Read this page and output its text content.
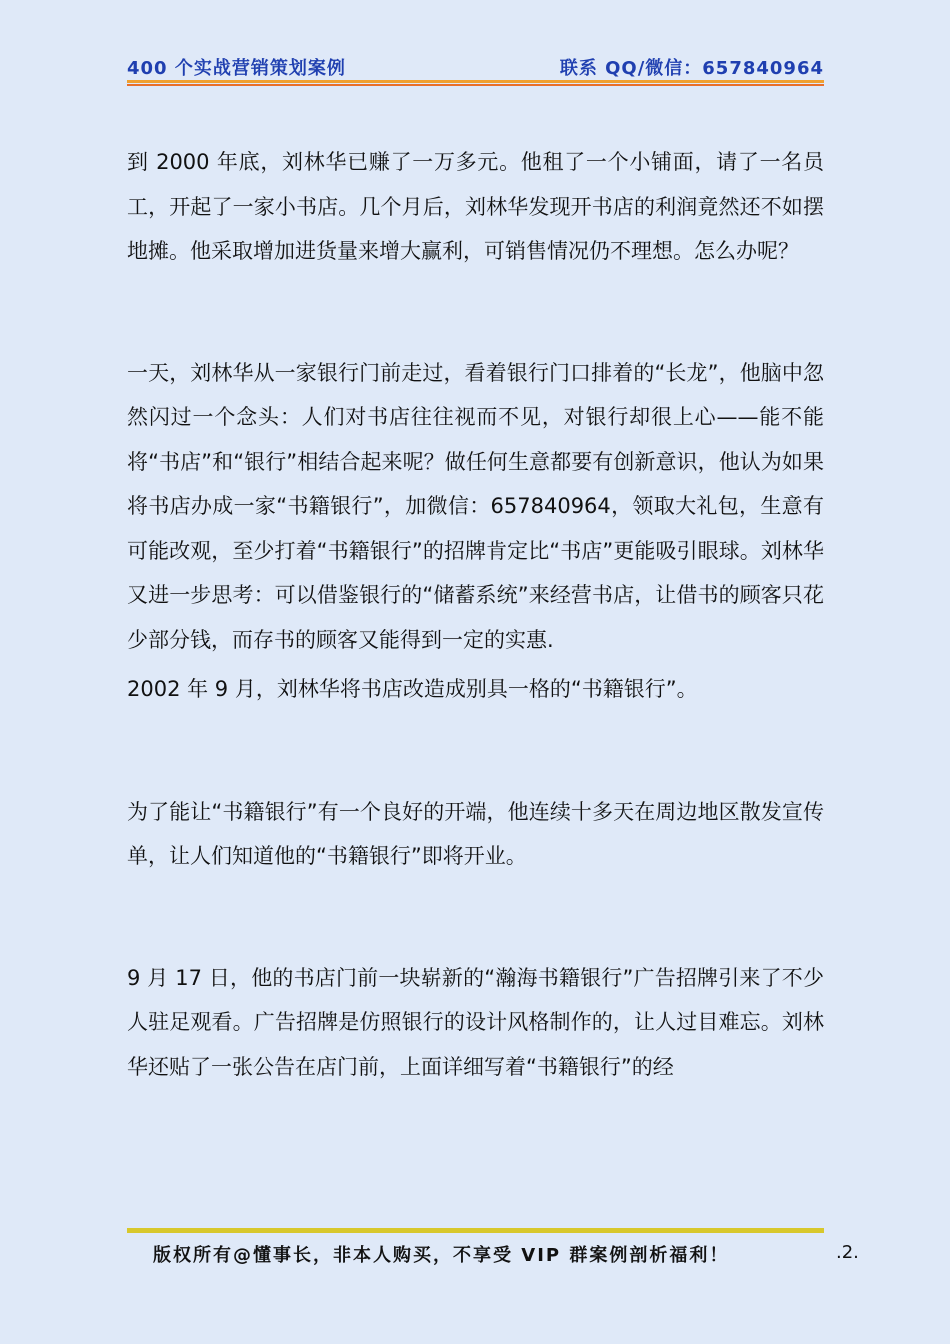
400 个实战营销策划案例	联系 QQ/微信：657840964

到 2000 年底，刘林华已赚了一万多元。他租了一个小铺面，请了一名员工，开起了一家小书店。几个月后，刘林华发现开书店的利润竟然还不如摆地摊。他采取增加进货量来增大赢利，可销售情况仍不理想。怎么办呢？

一天，刘林华从一家银行门前走过，看着银行门口排着的“长龙”，他脑中忽然闪过一个念头：人们对书店往往视而不见，对银行却很上心——能不能将“书店”和“银行”相结合起来呢？做任何生意都要有创新意识，他认为如果将书店办成一家“书籍银行”，加微信：657840964，领取大礼包，生意有可能改观，至少打着“书籍银行”的招牌肯定比“书店”更能吸引眼球。刘林华又进一步思考：可以借鉴银行的“储蓄系统”来经营书店，让借书的顾客只花少部分钱，而存书的顾客又能得到一定的实惠.

2002 年 9 月，刘林华将书店改造成别具一格的“书籍银行”。

为了能让“书籍银行”有一个良好的开端，他连续十多天在周边地区散发宣传单，让人们知道他的“书籍银行”即将开业。

9 月 17 日，他的书店门前一块崭新的“瀚海书籍银行”广告招牌引来了不少人驻足观看。广告招牌是仿照银行的设计风格制作的，让人过目难忘。刘林华还贴了一张公告在店门前，上面详细写着“书籍银行”的经

版权所有@懂事长，非本人购买，不享受 VIP 群案例剖析福利！	.2.
